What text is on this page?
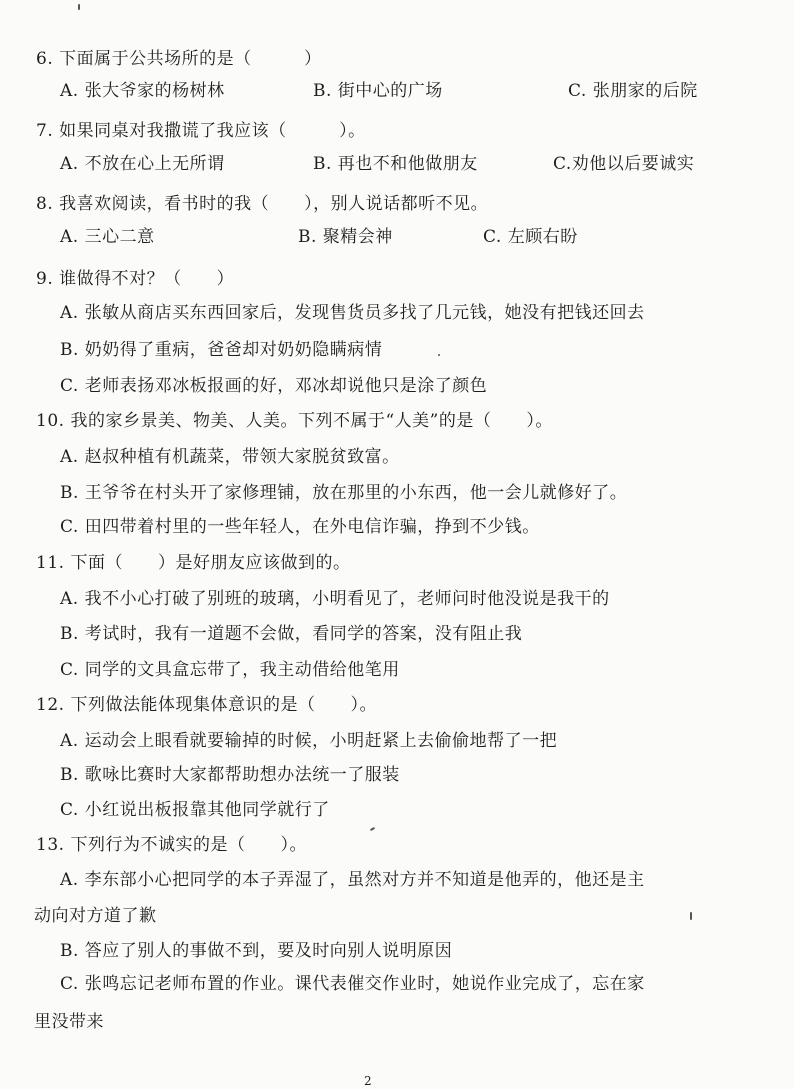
6. 下面属于公共场所的是（　　　）
A. 张大爷家的杨树林	B. 街中心的广场	C. 张朋家的后院
7. 如果同桌对我撒谎了我应该（　　　）。
A. 不放在心上无所谓	B. 再也不和他做朋友	C.劝他以后要诚实
8. 我喜欢阅读，看书时的我（　　），别人说话都听不见。
A. 三心二意	B. 聚精会神	C. 左顾右盼
9. 谁做得不对？（　　）
A. 张敏从商店买东西回家后，发现售货员多找了几元钱，她没有把钱还回去
B. 奶奶得了重病，爸爸却对奶奶隐瞒病情
C. 老师表扬邓冰板报画的好，邓冰却说他只是涂了颜色
10. 我的家乡景美、物美、人美。下列不属于“人美”的是（　　）。
A. 赵叔种植有机蔬菜，带领大家脱贫致富。
B. 王爷爷在村头开了家修理铺，放在那里的小东西，他一会儿就修好了。
C. 田四带着村里的一些年轻人，在外电信诈骗，挣到不少钱。
11. 下面（　　）是好朋友应该做到的。
A. 我不小心打破了别班的玻璃，小明看见了，老师问时他没说是我干的
B. 考试时，我有一道题不会做，看同学的答案，没有阻止我
C. 同学的文具盒忘带了，我主动借给他笔用
12. 下列做法能体现集体意识的是（　　）。
A. 运动会上眼看就要输掉的时候，小明赶紧上去偷偷地帮了一把
B. 歌咏比赛时大家都帮助想办法统一了服装
C. 小红说出板报靠其他同学就行了
13. 下列行为不诚实的是（　　）。
A. 李东部小心把同学的本子弄湿了，虽然对方并不知道是他弄的，他还是主
动向对方道了歉
B. 答应了别人的事做不到，要及时向别人说明原因
C. 张鸣忘记老师布置的作业。课代表催交作业时，她说作业完成了，忘在家
里没带来
2
